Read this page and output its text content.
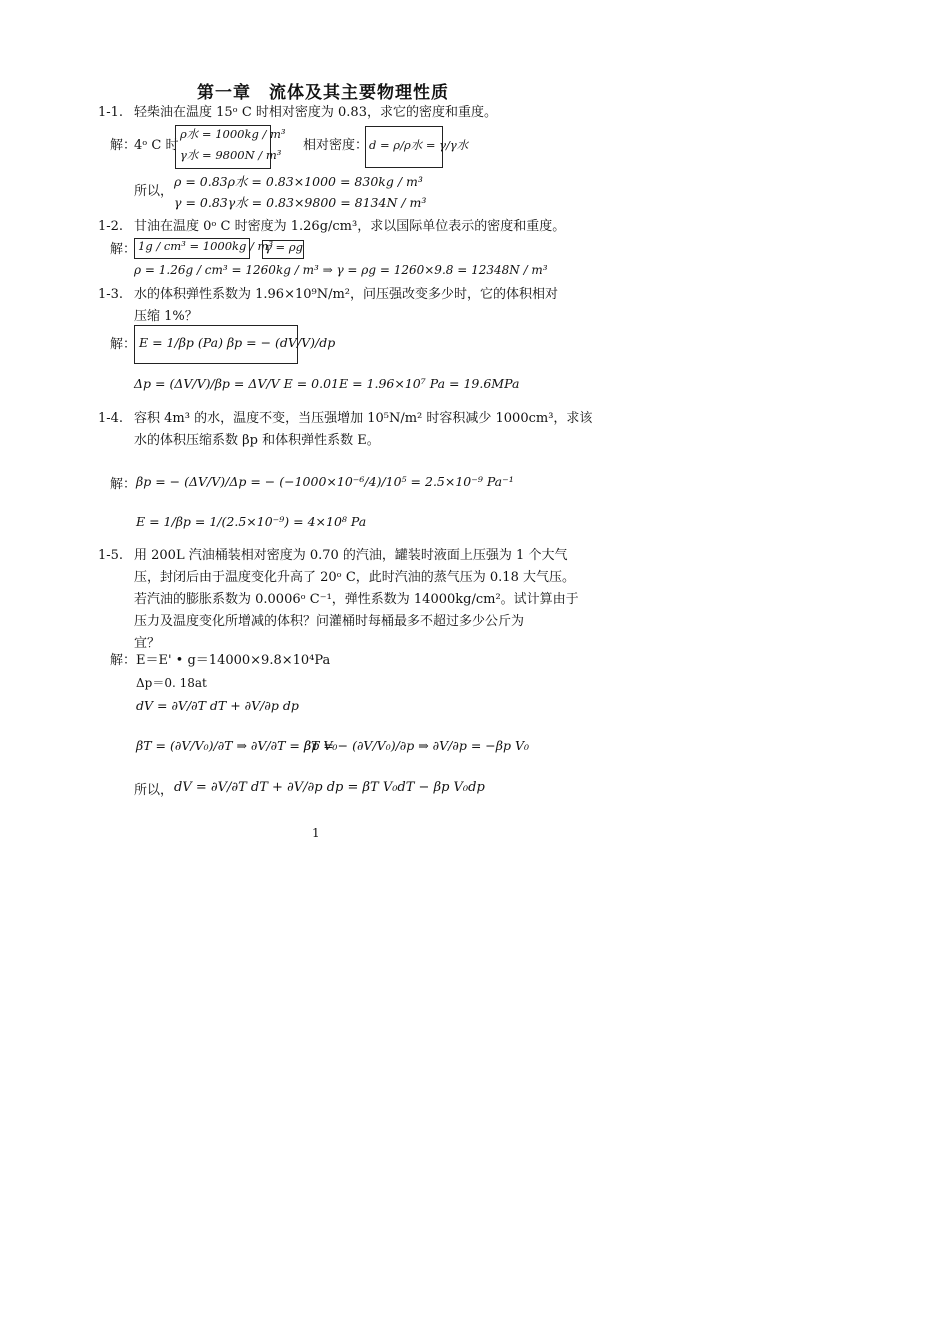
第一章　流体及其主要物理性质
1-1. 轻柴油在温度 15ᵒ C 时相对密度为 0.83，求它的密度和重度。
解：
4ᵒ C 时
ρ水 = 1000kg / m³
γ水 = 9800N / m³
相对密度： d = ρ/ρ水 = γ/γ水
所以，
ρ = 0.83ρ水 = 0.83×1000 = 830kg / m³
γ = 0.83γ水 = 0.83×9800 = 8134N / m³
1-2. 甘油在温度 0ᵒ C 时密度为 1.26g/cm³，求以国际单位表示的密度和重度。
解： 1g / cm³ = 1000kg / m³
γ = ρg
ρ = 1.26g / cm³ = 1260kg / m³ ⇒ γ = ρg = 1260×9.8 = 12348N / m³
1-3. 水的体积弹性系数为 1.96×10⁹N/m²，问压强改变多少时，它的体积相对
压缩 1%？
解： E = 1/βp (Pa) βp = − (dV/V)/dp
Δp = (ΔV/V)/βp = ΔV/V E = 0.01E = 1.96×10⁷ Pa = 19.6MPa
1-4. 容积 4m³ 的水，温度不变，当压强增加 10⁵N/m² 时容积减少 1000cm³，求该
水的体积压缩系数 βp 和体积弹性系数 E。
解： βp = − (ΔV/V)/Δp = − (−1000×10⁻⁶/4)/10⁵ = 2.5×10⁻⁹ Pa⁻¹
E = 1/βp = 1/(2.5×10⁻⁹) = 4×10⁸ Pa
1-5. 用 200L 汽油桶装相对密度为 0.70 的汽油，罐装时液面上压强为 1 个大气
压，封闭后由于温度变化升高了 20ᵒ C，此时汽油的蒸气压为 0.18 大气压。
若汽油的膨胀系数为 0.0006ᵒ C⁻¹，弹性系数为 14000kg/cm²。试计算由于
压力及温度变化所增减的体积？问灌桶时每桶最多不超过多少公斤为
宜？
解：E＝E' • g＝14000×9.8×10⁴Pa
Δp＝0. 18at
dV = ∂V/∂T dT + ∂V/∂p dp
βT = (∂V/V₀)/∂T ⇒ ∂V/∂T = βT V₀
βp = − (∂V/V₀)/∂p ⇒ ∂V/∂p = −βp V₀
所以， dV = ∂V/∂T dT + ∂V/∂p dp = βT V₀dT − βp V₀dp
1
